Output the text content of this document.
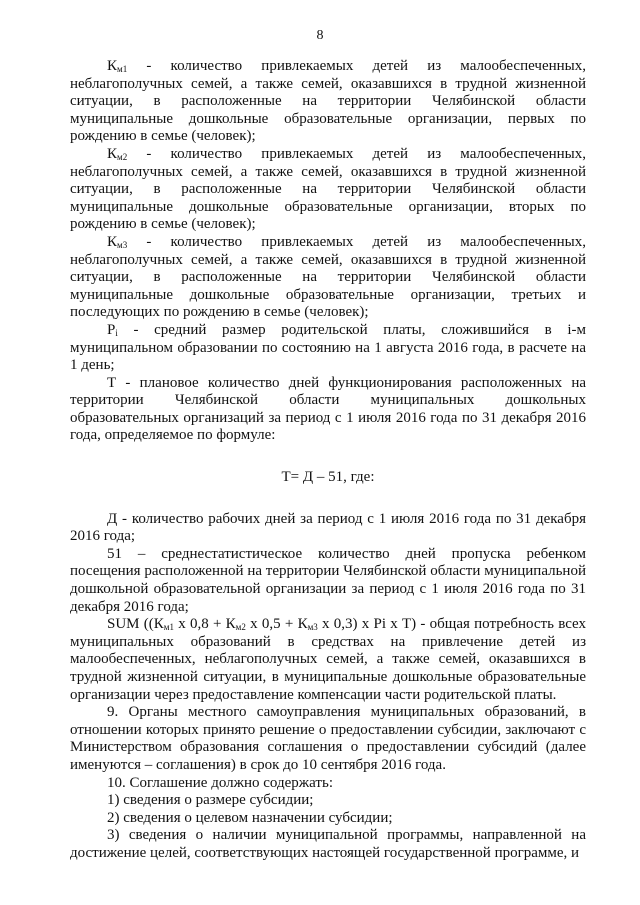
8

$К_{м1}$ - количество привлекаемых детей из малообеспеченных, неблагополучных семей, а также семей, оказавшихся в трудной жизненной ситуации, в расположенные на территории Челябинской области муниципальные дошкольные образовательные организации, первых по рождению в семье (человек);

$К_{м2}$ - количество привлекаемых детей из малообеспеченных, неблагополучных семей, а также семей, оказавшихся в трудной жизненной ситуации, в расположенные на территории Челябинской области муниципальные дошкольные образовательные организации, вторых по рождению в семье (человек);

$К_{м3}$ - количество привлекаемых детей из малообеспеченных, неблагополучных семей, а также семей, оказавшихся в трудной жизненной ситуации, в расположенные на территории Челябинской области муниципальные дошкольные образовательные организации, третьих и последующих по рождению в семье (человек);

$P_i$ - средний размер родительской платы, сложившийся в i-м муниципальном образовании по состоянию на 1 августа 2016 года, в расчете на 1 день;

Т - плановое количество дней функционирования расположенных на территории Челябинской области муниципальных дошкольных образовательных организаций за период с 1 июля 2016 года по 31 декабря 2016 года, определяемое по формуле:

Т= Д – 51, где:

Д - количество рабочих дней за период с 1 июля 2016 года по 31 декабря 2016 года;

51 – среднестатистическое количество дней пропуска ребенком посещения расположенной на территории Челябинской области муниципальной дошкольной образовательной организации за период с 1 июля 2016 года по 31 декабря 2016 года;

SUM (($К_{м1}$ х $0,8 + К_{м2}$ х $0,5 + К_{м3}$ х 0,3) х Pi х Т) - общая потребность всех муниципальных образований в средствах на привлечение детей из малообеспеченных, неблагополучных семей, а также семей, оказавшихся в трудной жизненной ситуации, в муниципальные дошкольные образовательные организации через предоставление компенсации части родительской платы.

9. Органы местного самоуправления муниципальных образований, в отношении которых принято решение о предоставлении субсидии, заключают с Министерством образования соглашения о предоставлении субсидий (далее именуются – соглашения) в срок до 10 сентября 2016 года.

10. Соглашение должно содержать:

1) сведения о размере субсидии;

2) сведения о целевом назначении субсидии;

3) сведения о наличии муниципальной программы, направленной на достижение целей, соответствующих настоящей государственной программе, и
